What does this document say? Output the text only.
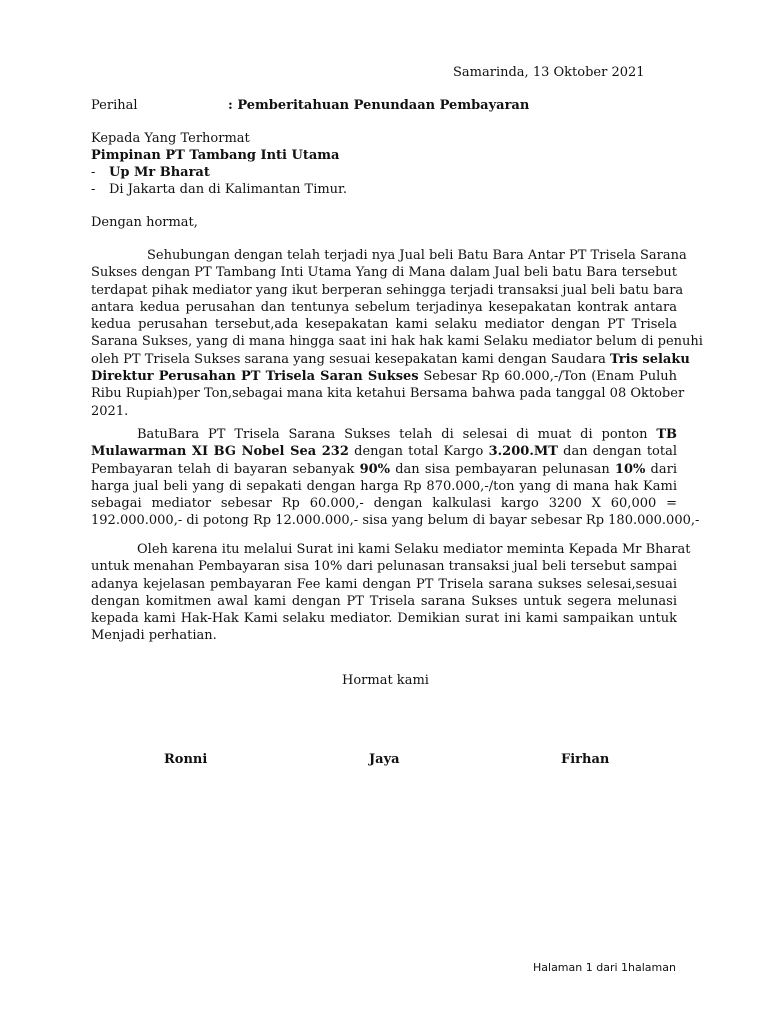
Samarinda, 13 Oktober 2021
Perihal	: Pemberitahuan Penundaan Pembayaran
Kepada Yang Terhormat
Pimpinan PT Tambang Inti Utama
- Up Mr Bharat
- Di Jakarta dan di Kalimantan Timur.
Dengan hormat,
Sehubungan dengan telah terjadi nya Jual beli Batu Bara Antar PT Trisela Sarana
Sukses dengan PT Tambang Inti Utama Yang di Mana dalam Jual beli batu Bara tersebut
terdapat pihak mediator yang ikut berperan sehingga terjadi transaksi jual beli batu bara
antara kedua perusahan dan tentunya sebelum terjadinya kesepakatan kontrak antara
kedua perusahan tersebut,ada kesepakatan kami selaku mediator dengan PT Trisela
Sarana Sukses, yang di mana hingga saat ini hak hak kami Selaku mediator belum di penuhi
oleh PT Trisela Sukses sarana yang sesuai kesepakatan kami dengan Saudara Tris selaku
Direktur Perusahan PT Trisela Saran Sukses Sebesar Rp 60.000,-/Ton (Enam Puluh
Ribu Rupiah)per Ton,sebagai mana kita ketahui Bersama bahwa pada tanggal 08 Oktober
2021.
BatuBara PT Trisela Sarana Sukses telah di selesai di muat di ponton TB
Mulawarman XI BG Nobel Sea 232 dengan total Kargo 3.200.MT dan dengan total
Pembayaran telah di bayaran sebanyak 90% dan sisa pembayaran pelunasan 10% dari
harga jual beli yang di sepakati dengan harga Rp 870.000,-/ton yang di mana hak Kami
sebagai mediator sebesar Rp 60.000,- dengan kalkulasi kargo 3200 X 60,000 =
192.000.000,- di potong Rp 12.000.000,- sisa yang belum di bayar sebesar Rp 180.000.000,-
Oleh karena itu melalui Surat ini kami Selaku mediator meminta Kepada Mr Bharat
untuk menahan Pembayaran sisa 10% dari pelunasan transaksi jual beli tersebut sampai
adanya kejelasan pembayaran Fee kami dengan PT Trisela sarana sukses selesai,sesuai
dengan komitmen awal kami dengan PT Trisela sarana Sukses untuk segera melunasi
kepada kami Hak-Hak Kami selaku mediator. Demikian surat ini kami sampaikan untuk
Menjadi perhatian.
Hormat kami
Ronni	Jaya	Firhan
Halaman 1 dari 1halaman
